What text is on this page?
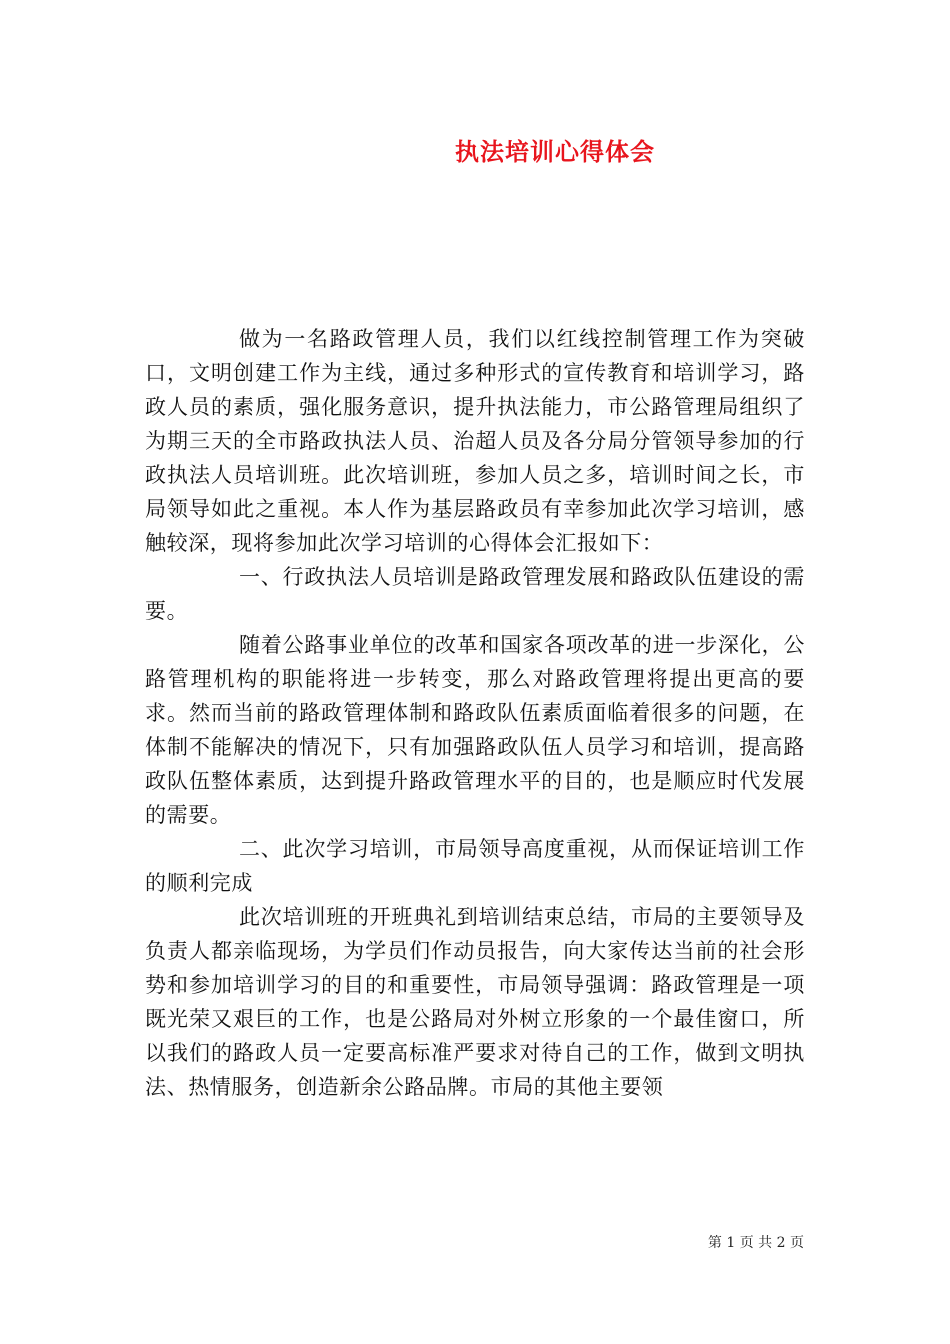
执法培训心得体会

做为一名路政管理人员，我们以红线控制管理工作为突破口，文明创建工作为主线，通过多种形式的宣传教育和培训学习，路政人员的素质，强化服务意识，提升执法能力，市公路管理局组织了为期三天的全市路政执法人员、治超人员及各分局分管领导参加的行政执法人员培训班。此次培训班，参加人员之多，培训时间之长，市局领导如此之重视。本人作为基层路政员有幸参加此次学习培训，感触较深，现将参加此次学习培训的心得体会汇报如下：

一、行政执法人员培训是路政管理发展和路政队伍建设的需要。

随着公路事业单位的改革和国家各项改革的进一步深化，公路管理机构的职能将进一步转变，那么对路政管理将提出更高的要求。然而当前的路政管理体制和路政队伍素质面临着很多的问题，在体制不能解决的情况下，只有加强路政队伍人员学习和培训，提高路政队伍整体素质，达到提升路政管理水平的目的，也是顺应时代发展的需要。

二、此次学习培训，市局领导高度重视，从而保证培训工作的顺利完成

此次培训班的开班典礼到培训结束总结，市局的主要领导及负责人都亲临现场，为学员们作动员报告，向大家传达当前的社会形势和参加培训学习的目的和重要性，市局领导强调：路政管理是一项既光荣又艰巨的工作，也是公路局对外树立形象的一个最佳窗口，所以我们的路政人员一定要高标准严要求对待自己的工作，做到文明执法、热情服务，创造新余公路品牌。市局的其他主要领

第 1 页 共 2 页
